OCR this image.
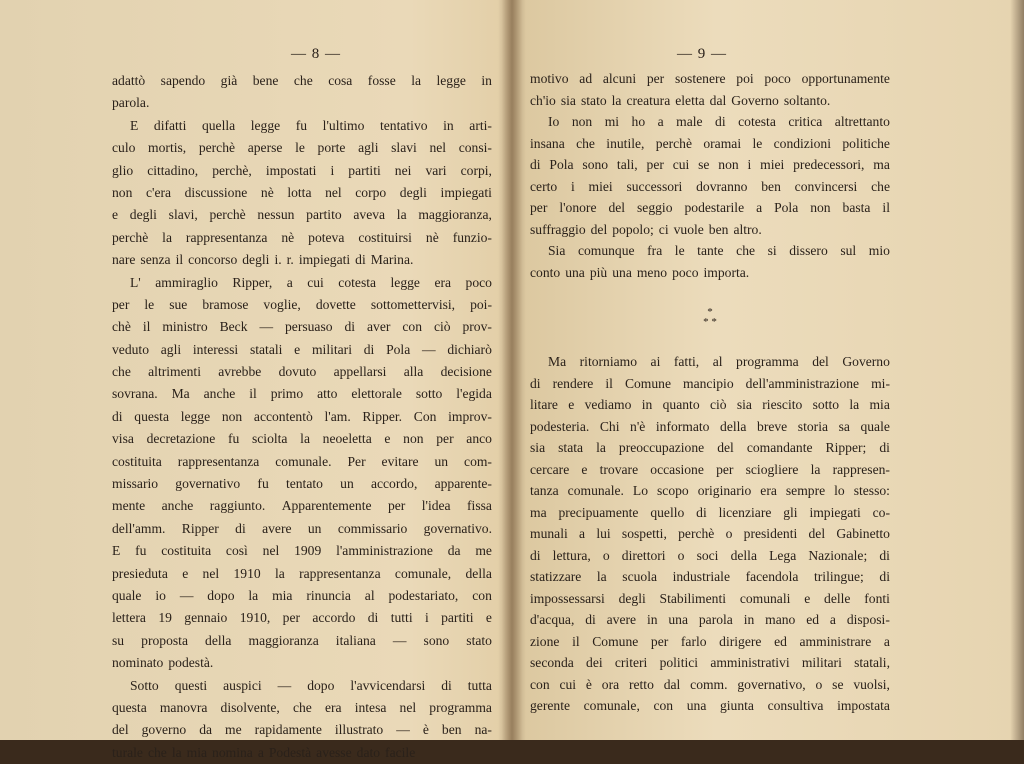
— 8 —
adattò sapendo già bene che cosa fosse la legge in
parola.
E difatti quella legge fu l'ultimo tentativo in arti-
culo mortis, perchè aperse le porte agli slavi nel consi-
glio cittadino, perchè, impostati i partiti nei vari corpi,
non c'era discussione nè lotta nel corpo degli impiegati
e degli slavi, perchè nessun partito aveva la maggioranza,
perchè la rappresentanza nè poteva costituirsi nè funzio-
nare senza il concorso degli i. r. impiegati di Marina.
L' ammiraglio Ripper, a cui cotesta legge era poco
per le sue bramose voglie, dovette sottomettervisi, poi-
chè il ministro Beck — persuaso di aver con ciò prov-
veduto agli interessi statali e militari di Pola — dichiarò
che altrimenti avrebbe dovuto appellarsi alla decisione
sovrana. Ma anche il primo atto elettorale sotto l'egida
di questa legge non accontentò l'am. Ripper. Con improv-
visa decretazione fu sciolta la neoeletta e non per anco
costituita rappresentanza comunale. Per evitare un com-
missario governativo fu tentato un accordo, apparente-
mente anche raggiunto. Apparentemente per l'idea fissa
dell'amm. Ripper di avere un commissario governativo.
E fu costituita così nel 1909 l'amministrazione da me
presieduta e nel 1910 la rappresentanza comunale, della
quale io — dopo la mia rinuncia al podestariato, con
lettera 19 gennaio 1910, per accordo di tutti i partiti e
su proposta della maggioranza italiana — sono stato
nominato podestà.
Sotto questi auspici — dopo l'avvicendarsi di tutta
questa manovra disolvente, che era intesa nel programma
del governo da me rapidamente illustrato — è ben na-
turale che la mia nomina a Podestà avesse dato facile
— 9 —
motivo ad alcuni per sostenere poi poco opportunamente
ch'io sia stato la creatura eletta dal Governo soltanto.
Io non mi ho a male di cotesta critica altrettanto
insana che inutile, perchè oramai le condizioni politiche
di Pola sono tali, per cui se non i miei predecessori, ma
certo i miei successori dovranno ben convincersi che
per l'onore del seggio podestarile a Pola non basta il
suffraggio del popolo; ci vuole ben altro.
Sia comunque fra le tante che si dissero sul mio
conto una più una meno poco importa.
*
* *
Ma ritorniamo ai fatti, al programma del Governo
di rendere il Comune mancipio dell'amministrazione mi-
litare e vediamo in quanto ciò sia riescito sotto la mia
podesteria. Chi n'è informato della breve storia sa quale
sia stata la preoccupazione del comandante Ripper; di
cercare e trovare occasione per sciogliere la rappresen-
tanza comunale. Lo scopo originario era sempre lo stesso:
ma precipuamente quello di licenziare gli impiegati co-
munali a lui sospetti, perchè o presidenti del Gabinetto
di lettura, o direttori o soci della Lega Nazionale; di
statizzare la scuola industriale facendola trilingue; di
impossessarsi degli Stabilimenti comunali e delle fonti
d'acqua, di avere in una parola in mano ed a disposi-
zione il Comune per farlo dirigere ed amministrare a
seconda dei criteri politici amministrativi militari statali,
con cui è ora retto dal comm. governativo, o se vuolsi,
gerente comunale, con una giunta consultiva impostata
